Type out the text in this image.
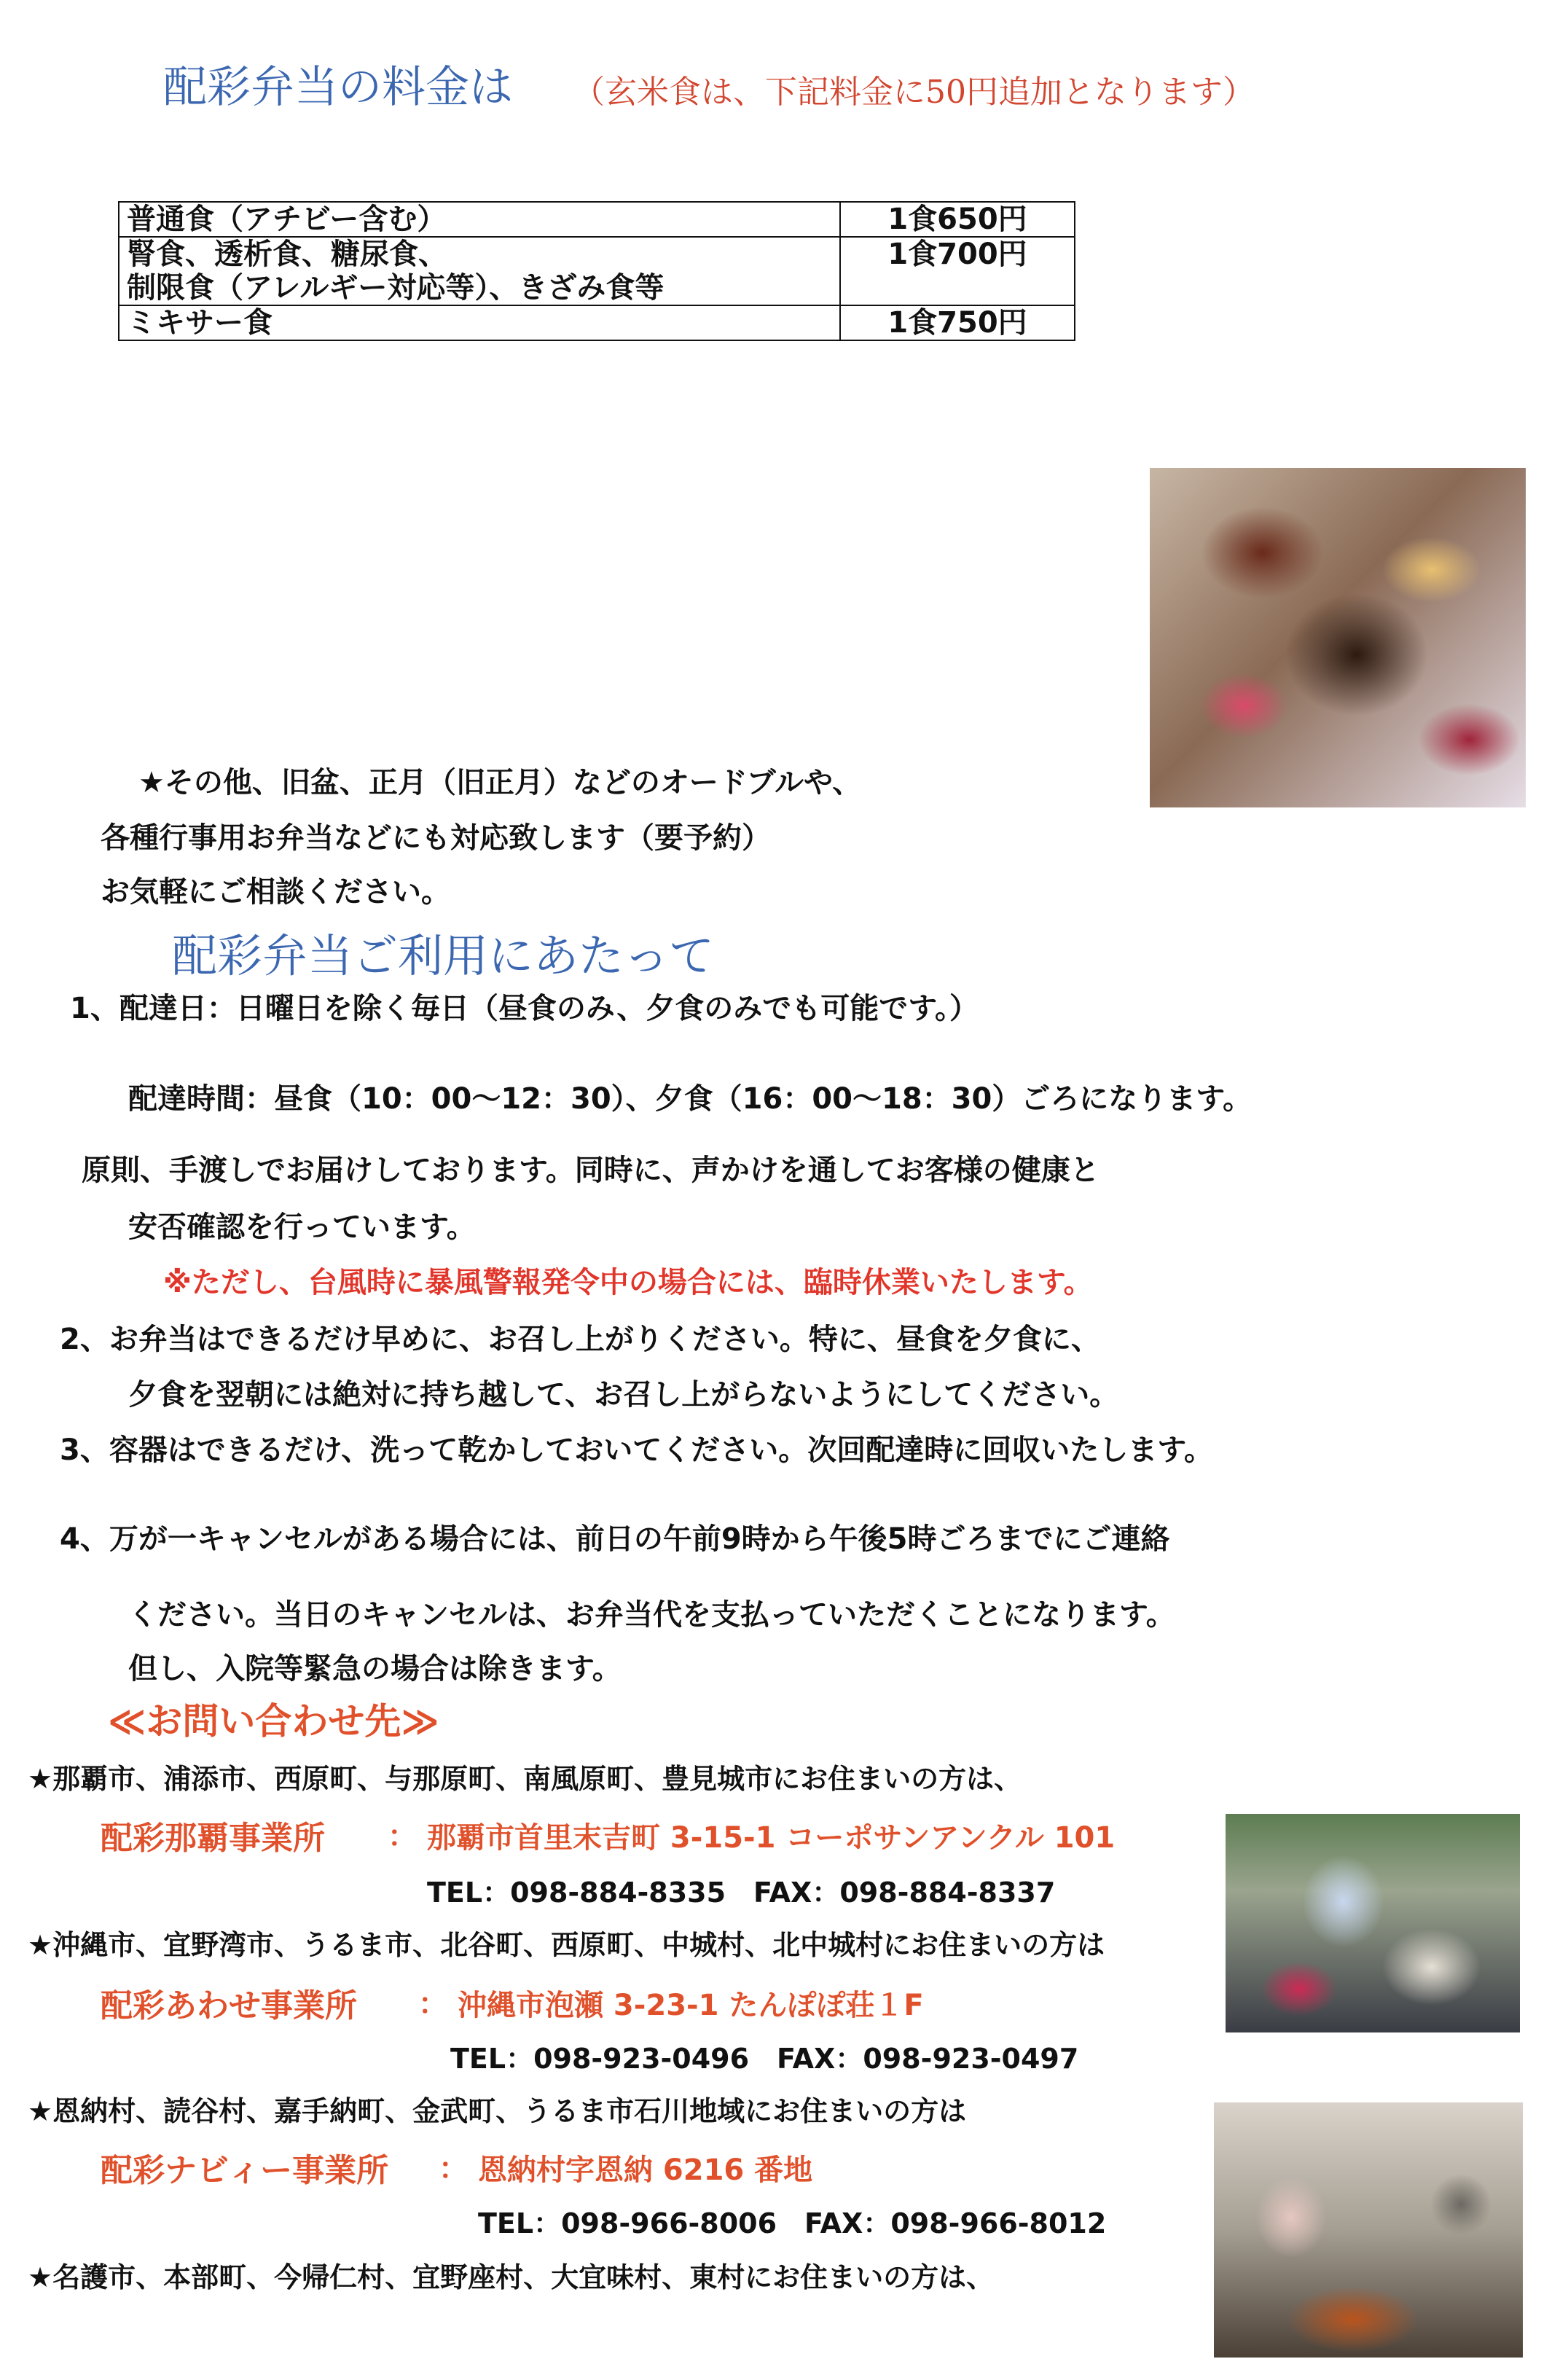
配彩弁当の料金は （玄米食は、下記料金に50円追加となります）
普通食（アチビー含む）	1食650円
腎食、透析食、糖尿食、
制限食（アレルギー対応等）、きざみ食等	1食700円
ミキサー食	1食750円
★その他、旧盆、正月（旧正月）などのオードブルや、
各種行事用お弁当などにも対応致します（要予約）
お気軽にご相談ください。
配彩弁当ご利用にあたって
1、配達日：日曜日を除く毎日（昼食のみ、夕食のみでも可能です。）
配達時間：昼食（10：00〜12：30）、夕食（16：00〜18：30）ごろになります。
原則、手渡しでお届けしております。同時に、声かけを通してお客様の健康と
安否確認を行っています。
※ただし、台風時に暴風警報発令中の場合には、臨時休業いたします。
2、お弁当はできるだけ早めに、お召し上がりください。特に、昼食を夕食に、
夕食を翌朝には絶対に持ち越して、お召し上がらないようにしてください。
3、容器はできるだけ、洗って乾かしておいてください。次回配達時に回収いたします。
4、万が一キャンセルがある場合には、前日の午前9時から午後5時ごろまでにご連絡
ください。当日のキャンセルは、お弁当代を支払っていただくことになります。
但し、入院等緊急の場合は除きます。
≪お問い合わせ先≫
★那覇市、浦添市、西原町、与那原町、南風原町、豊見城市にお住まいの方は、
配彩那覇事業所 ： 那覇市首里末吉町 3-15-1 コーポサンアンクル 101
TEL：098-884-8335　FAX：098-884-8337
★沖縄市、宜野湾市、うるま市、北谷町、西原町、中城村、北中城村にお住まいの方は
配彩あわせ事業所 ： 沖縄市泡瀬 3-23-1 たんぽぽ荘１F
TEL：098-923-0496　FAX：098-923-0497
★恩納村、読谷村、嘉手納町、金武町、うるま市石川地域にお住まいの方は
配彩ナビィー事業所 ： 恩納村字恩納 6216 番地
TEL：098-966-8006　FAX：098-966-8012
★名護市、本部町、今帰仁村、宜野座村、大宜味村、東村にお住まいの方は、
